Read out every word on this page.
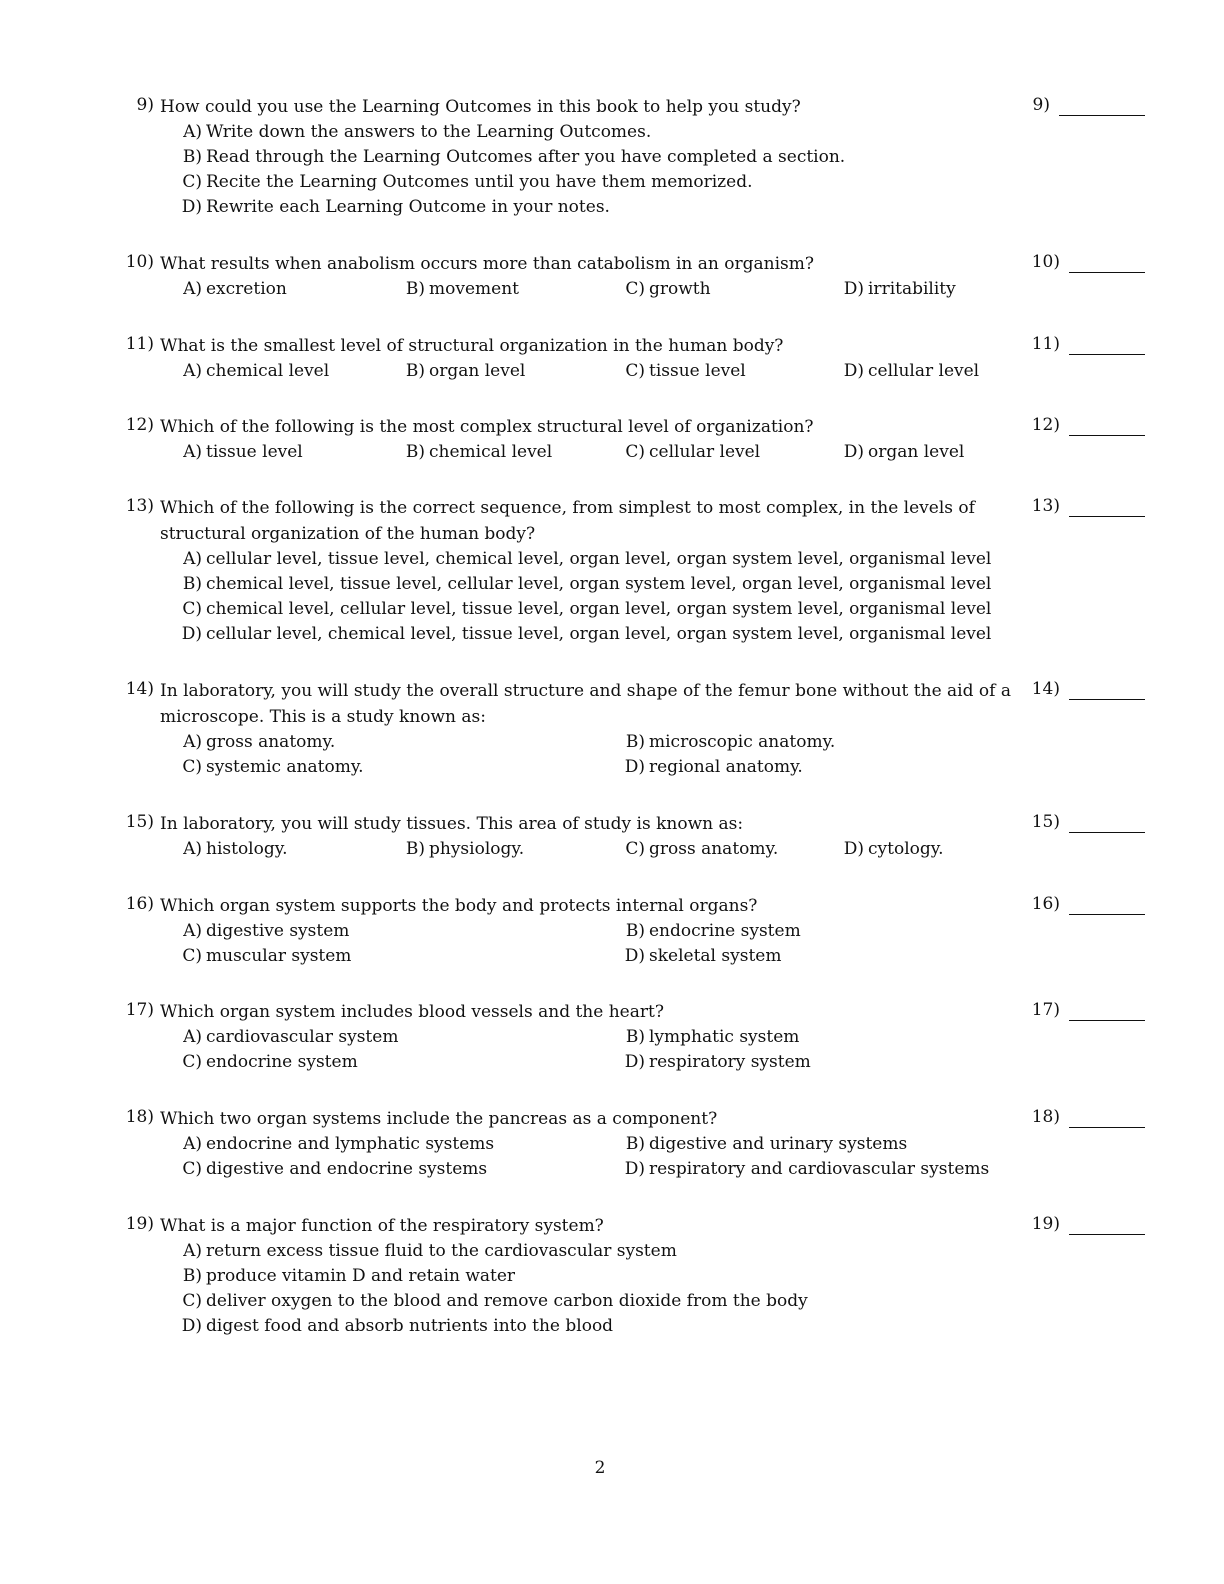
9) How could you use the Learning Outcomes in this book to help you study?	9)
A) Write down the answers to the Learning Outcomes.
B) Read through the Learning Outcomes after you have completed a section.
C) Recite the Learning Outcomes until you have them memorized.
D) Rewrite each Learning Outcome in your notes.
10) What results when anabolism occurs more than catabolism in an organism?	10)
A) excretion	B) movement	C) growth	D) irritability
11) What is the smallest level of structural organization in the human body?	11)
A) chemical level	B) organ level	C) tissue level	D) cellular level
12) Which of the following is the most complex structural level of organization?	12)
A) tissue level	B) chemical level	C) cellular level	D) organ level
13) Which of the following is the correct sequence, from simplest to most complex, in the levels of structural organization of the human body?
13)
A) cellular level, tissue level, chemical level, organ level, organ system level, organismal level
B) chemical level, tissue level, cellular level, organ system level, organ level, organismal level
C) chemical level, cellular level, tissue level, organ level, organ system level, organismal level
D) cellular level, chemical level, tissue level, organ level, organ system level, organismal level
14) In laboratory, you will study the overall structure and shape of the femur bone without the aid of a microscope. This is a study known as:
14)
A) gross anatomy.	B) microscopic anatomy.
C) systemic anatomy.	D) regional anatomy.
15) In laboratory, you will study tissues. This area of study is known as:	15)
A) histology.	B) physiology.	C) gross anatomy.	D) cytology.
16) Which organ system supports the body and protects internal organs?	16)
A) digestive system	B) endocrine system
C) muscular system	D) skeletal system
17) Which organ system includes blood vessels and the heart?	17)
A) cardiovascular system	B) lymphatic system
C) endocrine system	D) respiratory system
18) Which two organ systems include the pancreas as a component?	18)
A) endocrine and lymphatic systems	B) digestive and urinary systems
C) digestive and endocrine systems	D) respiratory and cardiovascular systems
19) What is a major function of the respiratory system?	19)
A) return excess tissue fluid to the cardiovascular system
B) produce vitamin D and retain water
C) deliver oxygen to the blood and remove carbon dioxide from the body
D) digest food and absorb nutrients into the blood
2
